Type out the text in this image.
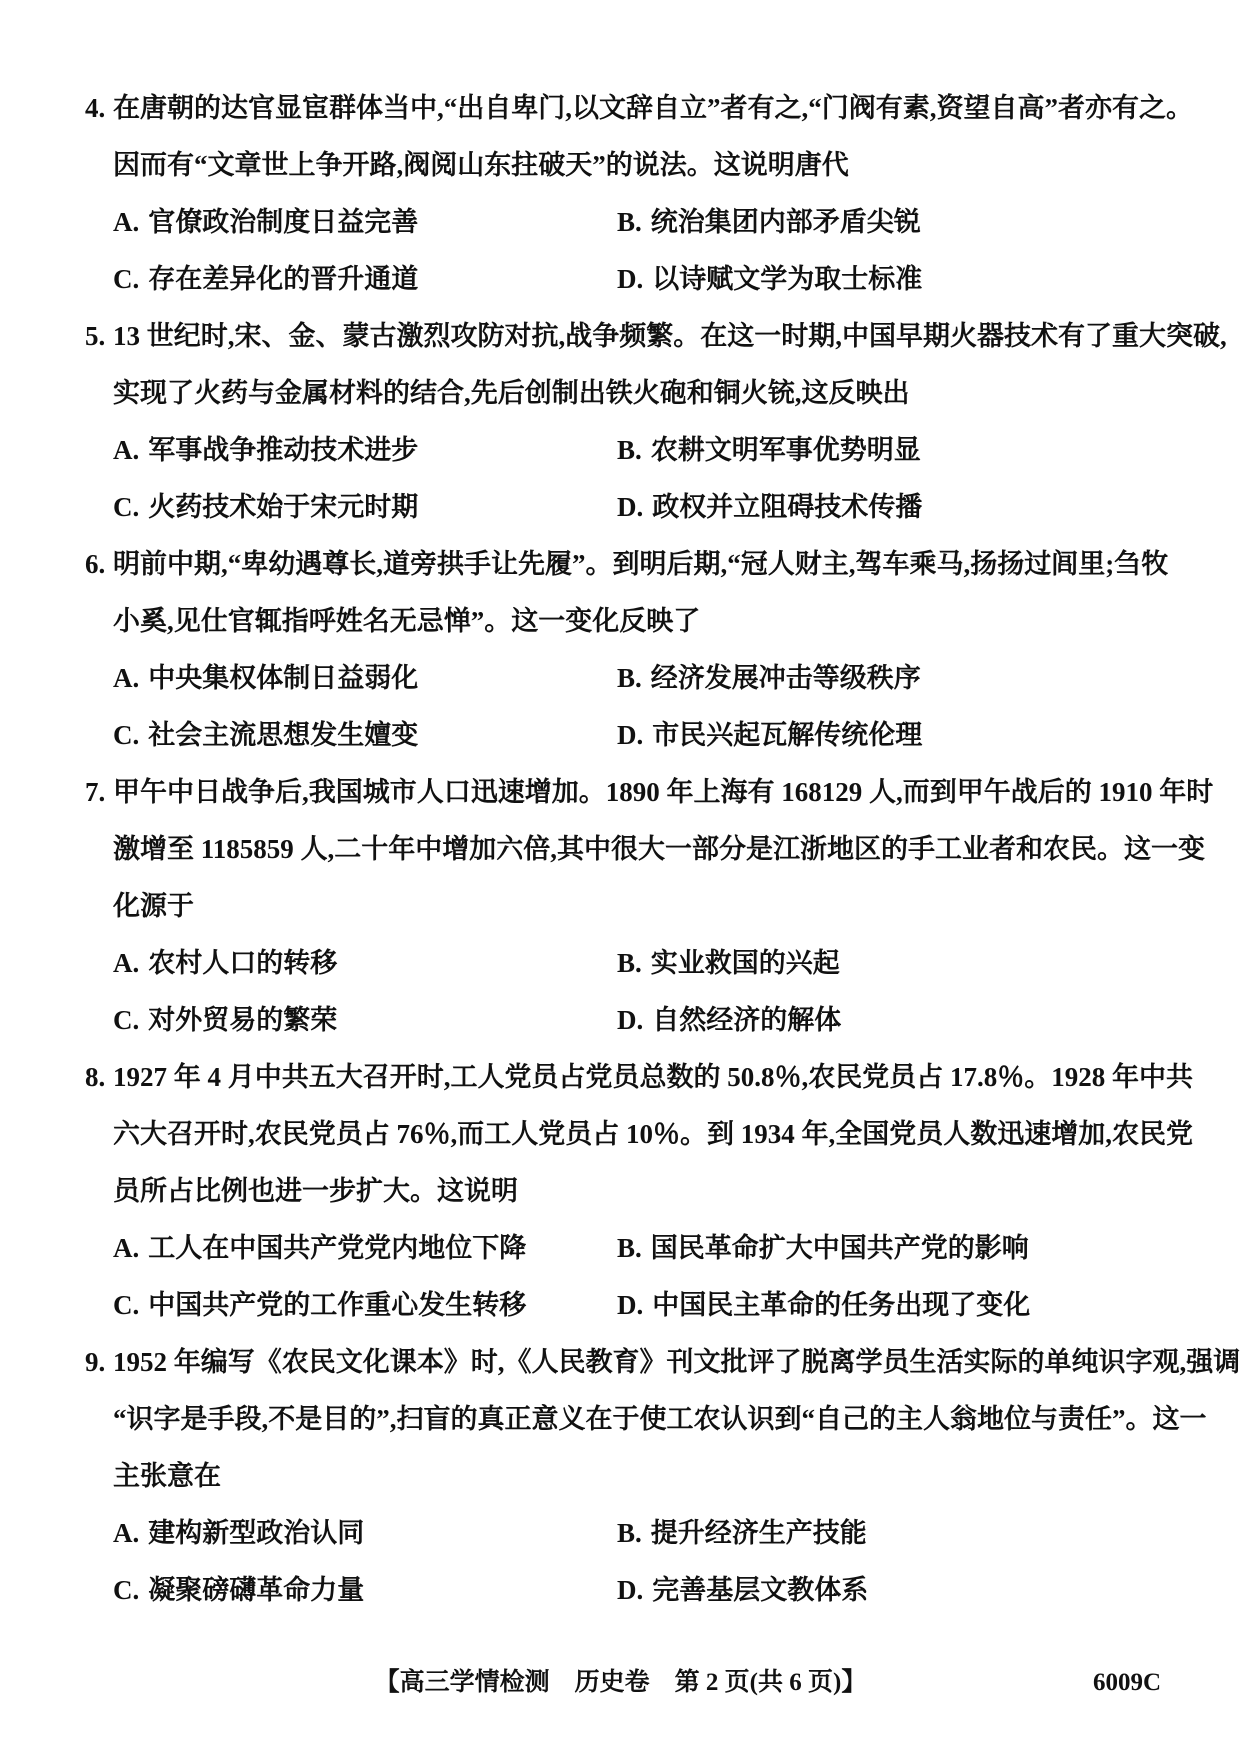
4. 在唐朝的达官显宦群体当中,“出自卑门,以文辞自立”者有之,“门阀有素,资望自高”者亦有之。
因而有“文章世上争开路,阀阅山东拄破天”的说法。这说明唐代
A. 官僚政治制度日益完善	B. 统治集团内部矛盾尖锐
C. 存在差异化的晋升通道	D. 以诗赋文学为取士标准
5. 13 世纪时,宋、金、蒙古激烈攻防对抗,战争频繁。在这一时期,中国早期火器技术有了重大突破,
实现了火药与金属材料的结合,先后创制出铁火砲和铜火铳,这反映出
A. 军事战争推动技术进步	B. 农耕文明军事优势明显
C. 火药技术始于宋元时期	D. 政权并立阻碍技术传播
6. 明前中期,“卑幼遇尊长,道旁拱手让先履”。到明后期,“冠人财主,驾车乘马,扬扬过闾里;刍牧
小奚,见仕官辄指呼姓名无忌惮”。这一变化反映了
A. 中央集权体制日益弱化	B. 经济发展冲击等级秩序
C. 社会主流思想发生嬗变	D. 市民兴起瓦解传统伦理
7. 甲午中日战争后,我国城市人口迅速增加。1890 年上海有 168129 人,而到甲午战后的 1910 年时
激增至 1185859 人,二十年中增加六倍,其中很大一部分是江浙地区的手工业者和农民。这一变
化源于
A. 农村人口的转移	B. 实业救国的兴起
C. 对外贸易的繁荣	D. 自然经济的解体
8. 1927 年 4 月中共五大召开时,工人党员占党员总数的 50.8％,农民党员占 17.8％。1928 年中共
六大召开时,农民党员占 76％,而工人党员占 10％。到 1934 年,全国党员人数迅速增加,农民党
员所占比例也进一步扩大。这说明
A. 工人在中国共产党党内地位下降	B. 国民革命扩大中国共产党的影响
C. 中国共产党的工作重心发生转移	D. 中国民主革命的任务出现了变化
9. 1952 年编写《农民文化课本》时,《人民教育》刊文批评了脱离学员生活实际的单纯识字观,强调
“识字是手段,不是目的”,扫盲的真正意义在于使工农认识到“自己的主人翁地位与责任”。这一
主张意在
A. 建构新型政治认同	B. 提升经济生产技能
C. 凝聚磅礴革命力量	D. 完善基层文教体系
【高三学情检测　历史卷　第 2 页(共 6 页)】	6009C
